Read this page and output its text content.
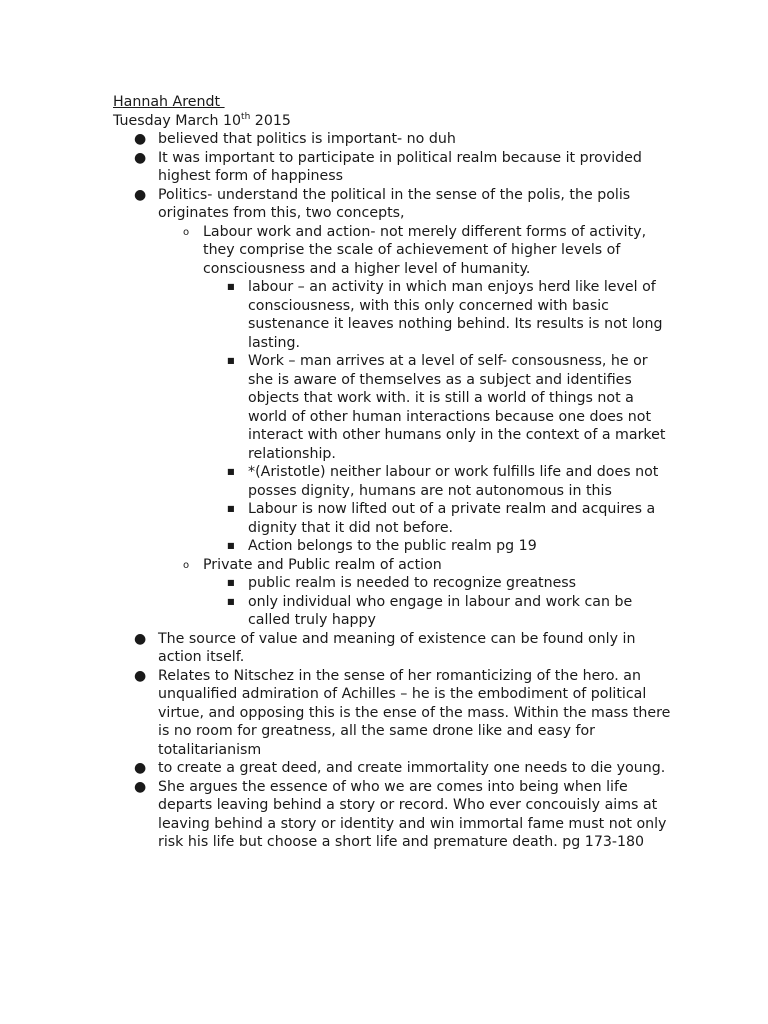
Hannah Arendt
Tuesday March 10th 2015
● believed that politics is important- no duh
● It was important to participate in political realm because it provided highest form of happiness
● Politics- understand the political in the sense of the polis, the polis originates from this, two concepts,
o Labour work and action- not merely different forms of activity, they comprise the scale of achievement of higher levels of consciousness and a higher level of humanity.
■ labour – an activity in which man enjoys herd like level of consciousness, with this only concerned with basic sustenance it leaves nothing behind. Its results is not long lasting.
■ Work – man arrives at a level of self- consousness, he or she is aware of themselves as a subject and identifies objects that work with. it is still a world of things not a world of other human interactions because one does not interact with other humans only in the context of a market relationship.
■ *(Aristotle) neither labour or work fulfills life and does not posses dignity, humans are not autonomous in this
■ Labour is now lifted out of a private realm and acquires a dignity that it did not before.
■ Action belongs to the public realm pg 19
o Private and Public realm of action
■ public realm is needed to recognize greatness
■ only individual who engage in labour and work can be called truly happy
● The source of value and meaning of existence can be found only in action itself.
● Relates to Nitschez in the sense of her romanticizing of the hero. an unqualified admiration of Achilles – he is the embodiment of political virtue, and opposing this is the ense of the mass. Within the mass there is no room for greatness, all the same drone like and easy for totalitarianism
● to create a great deed, and create immortality one needs to die young.
● She argues the essence of who we are comes into being when life departs leaving behind a story or record. Who ever concouisly aims at leaving behind a story or identity and win immortal fame must not only risk his life but choose a short life and premature death. pg 173-180
